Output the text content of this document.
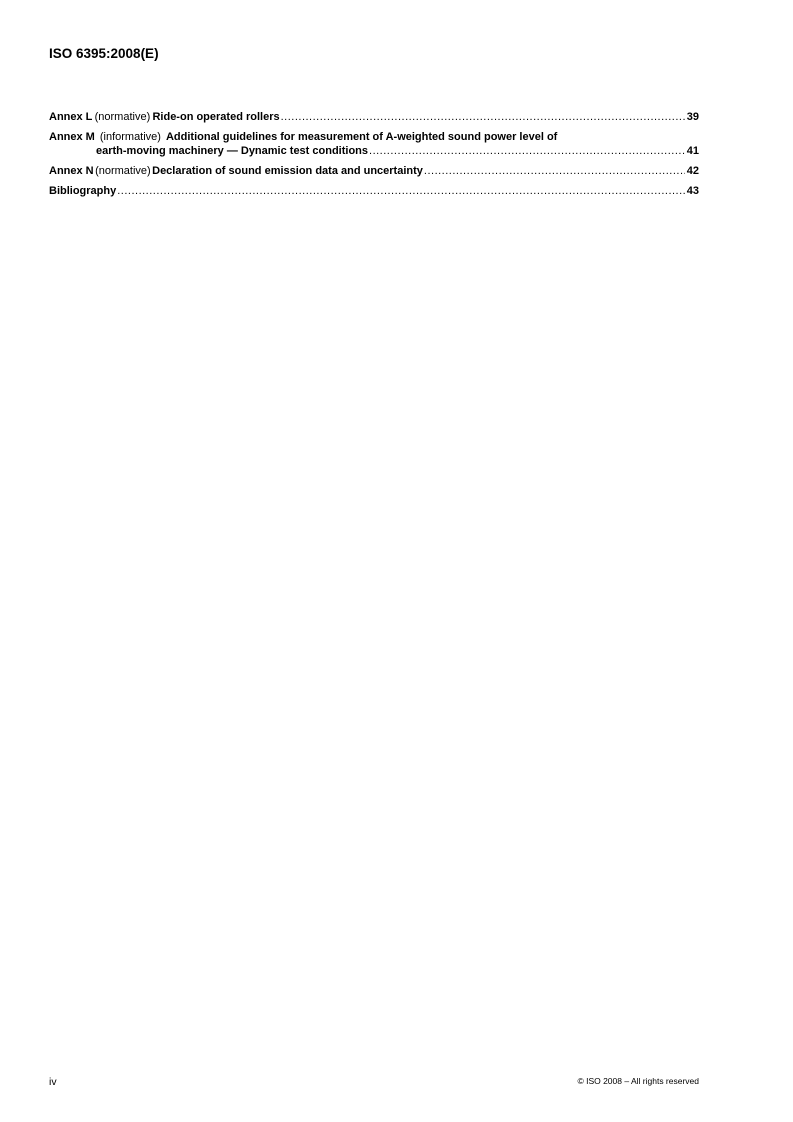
ISO 6395:2008(E)
Annex L (normative) Ride-on operated rollers .....	39
Annex M (informative) Additional guidelines for measurement of A-weighted sound power level of
earth-moving machinery — Dynamic test conditions .....	41
Annex N (normative) Declaration of sound emission data and uncertainty .....	42
Bibliography .....	43
iv	© ISO 2008 – All rights reserved
